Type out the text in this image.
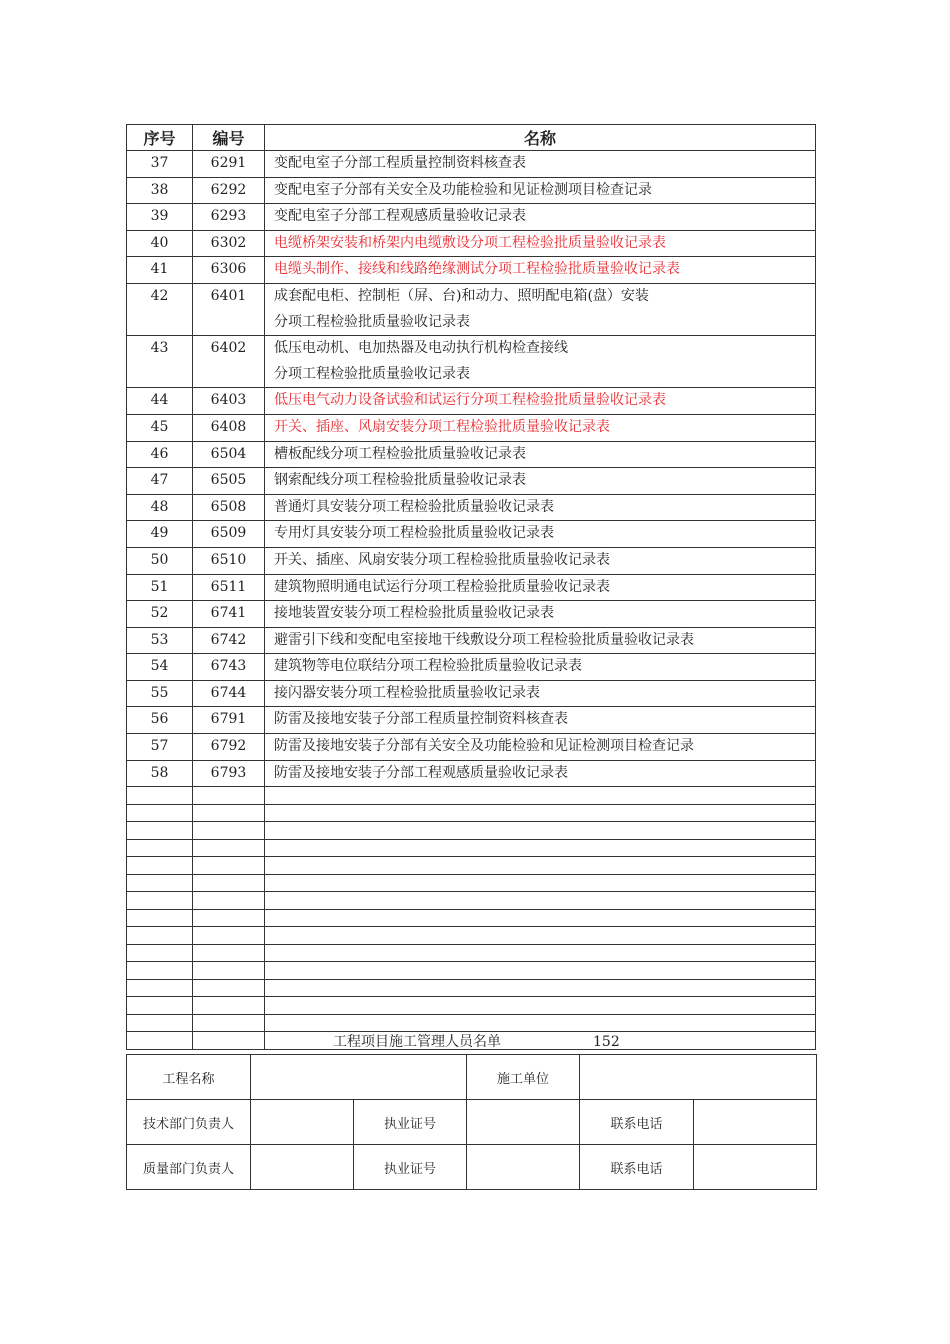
序号	编号	名称
37	6291	变配电室子分部工程质量控制资料核查表

38	6292	变配电室子分部有关安全及功能检验和见证检测项目检查记录

39	6293	变配电室子分部工程观感质量验收记录表

40	6302	电缆桥架安装和桥架内电缆敷设分项工程检验批质量验收记录表

41	6306	电缆头制作、接线和线路绝缘测试分项工程检验批质量验收记录表

42	6401	成套配电柜、控制柜（屏、台)和动力、照明配电箱(盘）安装
分项工程检验批质量验收记录表

43	6402	低压电动机、电加热器及电动执行机构检查接线
分项工程检验批质量验收记录表

44	6403	低压电气动力设备试验和试运行分项工程检验批质量验收记录表

45	6408	开关、插座、风扇安装分项工程检验批质量验收记录表

46	6504	槽板配线分项工程检验批质量验收记录表

47	6505	钢索配线分项工程检验批质量验收记录表

48	6508	普通灯具安装分项工程检验批质量验收记录表

49	6509	专用灯具安装分项工程检验批质量验收记录表

50	6510	开关、插座、风扇安装分项工程检验批质量验收记录表

51	6511	建筑物照明通电试运行分项工程检验批质量验收记录表

52	6741	接地装置安装分项工程检验批质量验收记录表

53	6742	避雷引下线和变配电室接地干线敷设分项工程检验批质量验收记录表

54	6743	建筑物等电位联结分项工程检验批质量验收记录表

55	6744	接闪器安装分项工程检验批质量验收记录表

56	6791	防雷及接地安装子分部工程质量控制资料核查表

57	6792	防雷及接地安装子分部有关安全及功能检验和见证检测项目检查记录

58	6793	防雷及接地安装子分部工程观感质量验收记录表

工程项目施工管理人员名单	152
工程名称			施工单位		
技术部门负责人		执业证号		联系电话	
质量部门负责人		执业证号		联系电话	
